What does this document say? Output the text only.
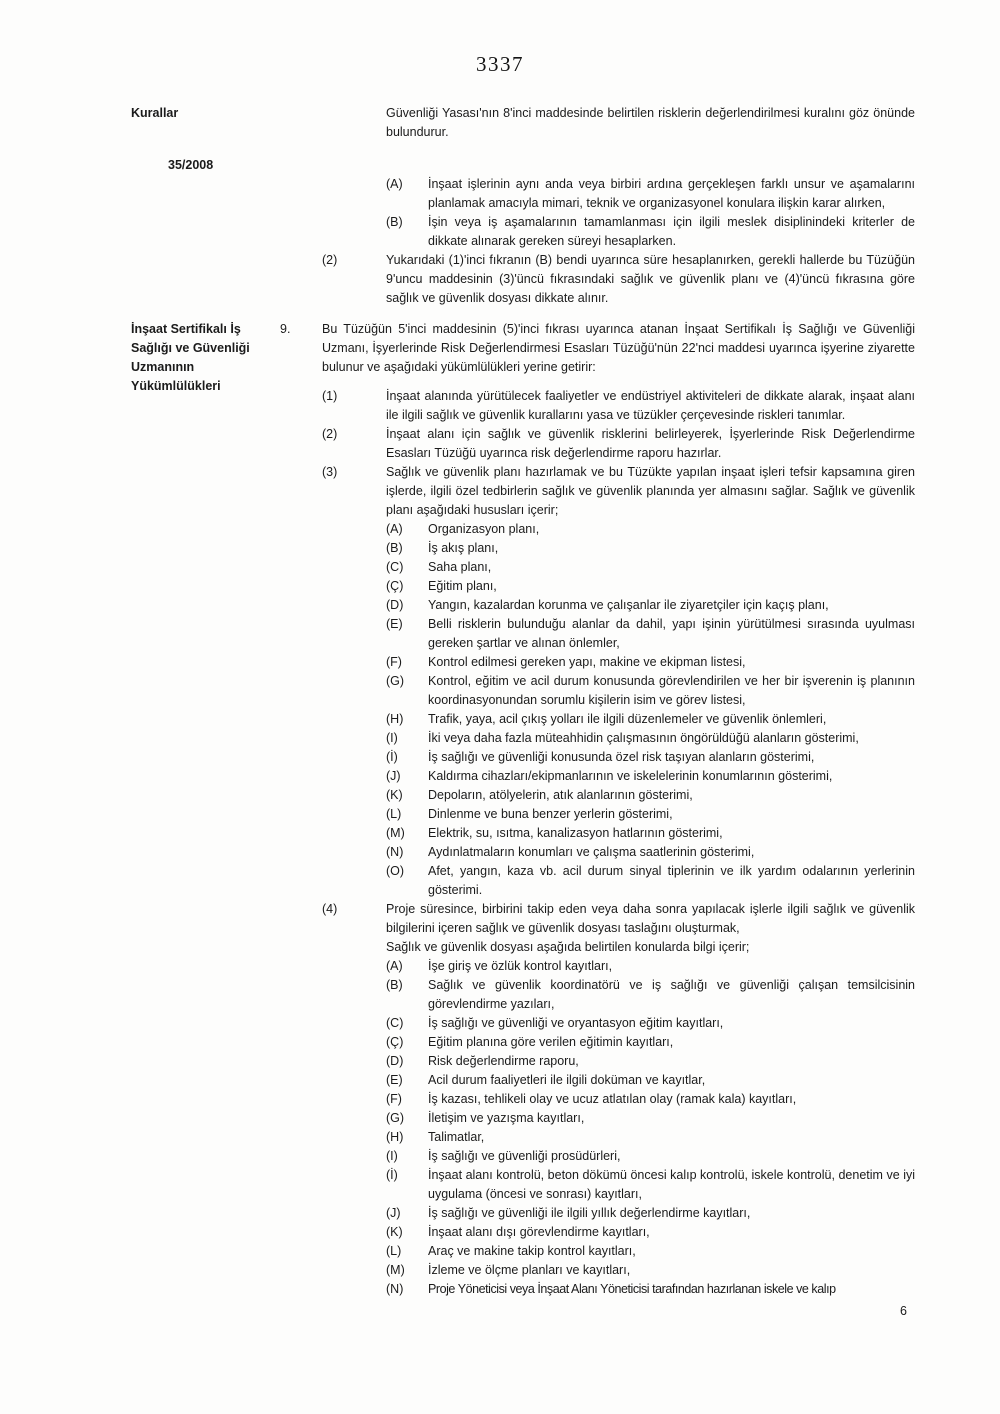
3337
Kurallar	Güvenliği Yasası'nın 8'inci maddesinde belirtilen risklerin değerlendirilmesi kuralını göz önünde bulundurur.
35/2008
(A)	İnşaat işlerinin aynı anda veya birbiri ardına gerçekleşen farklı unsur ve aşamalarını planlamak amacıyla mimari, teknik ve organizasyonel konulara ilişkin karar alırken,
(B)	İşin veya iş aşamalarının tamamlanması için ilgili meslek disiplinindeki kriterler de dikkate alınarak gereken süreyi hesaplarken.
(2)	Yukarıdaki (1)'inci fıkranın (B) bendi uyarınca süre hesaplanırken, gerekli hallerde bu Tüzüğün 9'uncu maddesinin (3)'üncü fıkrasındaki sağlık ve güvenlik planı ve (4)'üncü fıkrasına göre sağlık ve güvenlik dosyası dikkate alınır.
İnşaat Sertifikalı İş Sağlığı ve Güvenliği Uzmanının Yükümlülükleri
9.	Bu Tüzüğün 5'inci maddesinin (5)'inci fıkrası uyarınca atanan İnşaat Sertifikalı İş Sağlığı ve Güvenliği Uzmanı, İşyerlerinde Risk Değerlendirmesi Esasları Tüzüğü'nün 22'nci maddesi uyarınca işyerine ziyarette bulunur ve aşağıdaki yükümlülükleri yerine getirir:
(1)	İnşaat alanında yürütülecek faaliyetler ve endüstriyel aktiviteleri de dikkate alarak, inşaat alanı ile ilgili sağlık ve güvenlik kurallarını yasa ve tüzükler çerçevesinde riskleri tanımlar.
(2)	İnşaat alanı için sağlık ve güvenlik risklerini belirleyerek, İşyerlerinde Risk Değerlendirme Esasları Tüzüğü uyarınca risk değerlendirme raporu hazırlar.
(3)	Sağlık ve güvenlik planı hazırlamak ve bu Tüzükte yapılan inşaat işleri tefsir kapsamına giren işlerde, ilgili özel tedbirlerin sağlık ve güvenlik planında yer almasını sağlar. Sağlık ve güvenlik planı aşağıdaki hususları içerir;
(A)	Organizasyon planı,
(B)	İş akış planı,
(C)	Saha planı,
(Ç)	Eğitim planı,
(D)	Yangın, kazalardan korunma ve çalışanlar ile ziyaretçiler için kaçış planı,
(E)	Belli risklerin bulunduğu alanlar da dahil, yapı işinin yürütülmesi sırasında uyulması gereken şartlar ve alınan önlemler,
(F)	Kontrol edilmesi gereken yapı, makine ve ekipman listesi,
(G)	Kontrol, eğitim ve acil durum konusunda görevlendirilen ve her bir işverenin iş planının koordinasyonundan sorumlu kişilerin isim ve görev listesi,
(H)	Trafik, yaya, acil çıkış yolları ile ilgili düzenlemeler ve güvenlik önlemleri,
(I)	İki veya daha fazla müteahhidin çalışmasının öngörüldüğü alanların gösterimi,
(İ)	İş sağlığı ve güvenliği konusunda özel risk taşıyan alanların gösterimi,
(J)	Kaldırma cihazları/ekipmanlarının ve iskelelerinin konumlarının gösterimi,
(K)	Depoların, atölyelerin, atık alanlarının gösterimi,
(L)	Dinlenme ve buna benzer yerlerin gösterimi,
(M)	Elektrik, su, ısıtma, kanalizasyon hatlarının gösterimi,
(N)	Aydınlatmaların konumları ve çalışma saatlerinin gösterimi,
(O)	Afet, yangın, kaza vb. acil durum sinyal tiplerinin ve ilk yardım odalarının yerlerinin gösterimi.
(4)	Proje süresince, birbirini takip eden veya daha sonra yapılacak işlerle ilgili sağlık ve güvenlik bilgilerini içeren sağlık ve güvenlik dosyası taslağını oluşturmak,
Sağlık ve güvenlik dosyası aşağıda belirtilen konularda bilgi içerir;
(A)	İşe giriş ve özlük kontrol kayıtları,
(B)	Sağlık ve güvenlik koordinatörü ve iş sağlığı ve güvenliği çalışan temsilcisinin görevlendirme yazıları,
(C)	İş sağlığı ve güvenliği ve oryantasyon eğitim kayıtları,
(Ç)	Eğitim planına göre verilen eğitimin kayıtları,
(D)	Risk değerlendirme raporu,
(E)	Acil durum faaliyetleri ile ilgili doküman ve kayıtlar,
(F)	İş kazası, tehlikeli olay ve ucuz atlatılan olay (ramak kala) kayıtları,
(G)	İletişim ve yazışma kayıtları,
(H)	Talimatlar,
(I)	İş sağlığı ve güvenliği prosüdürleri,
(İ)	İnşaat alanı kontrolü, beton dökümü öncesi kalıp kontrolü, iskele kontrolü, denetim ve iyi uygulama (öncesi ve sonrası) kayıtları,
(J)	İş sağlığı ve güvenliği ile ilgili yıllık değerlendirme kayıtları,
(K)	İnşaat alanı dışı görevlendirme kayıtları,
(L)	Araç ve makine takip kontrol kayıtları,
(M)	İzleme ve ölçme planları ve kayıtları,
(N)	Proje Yöneticisi veya İnşaat Alanı Yöneticisi tarafından hazırlanan iskele ve kalıp
6
